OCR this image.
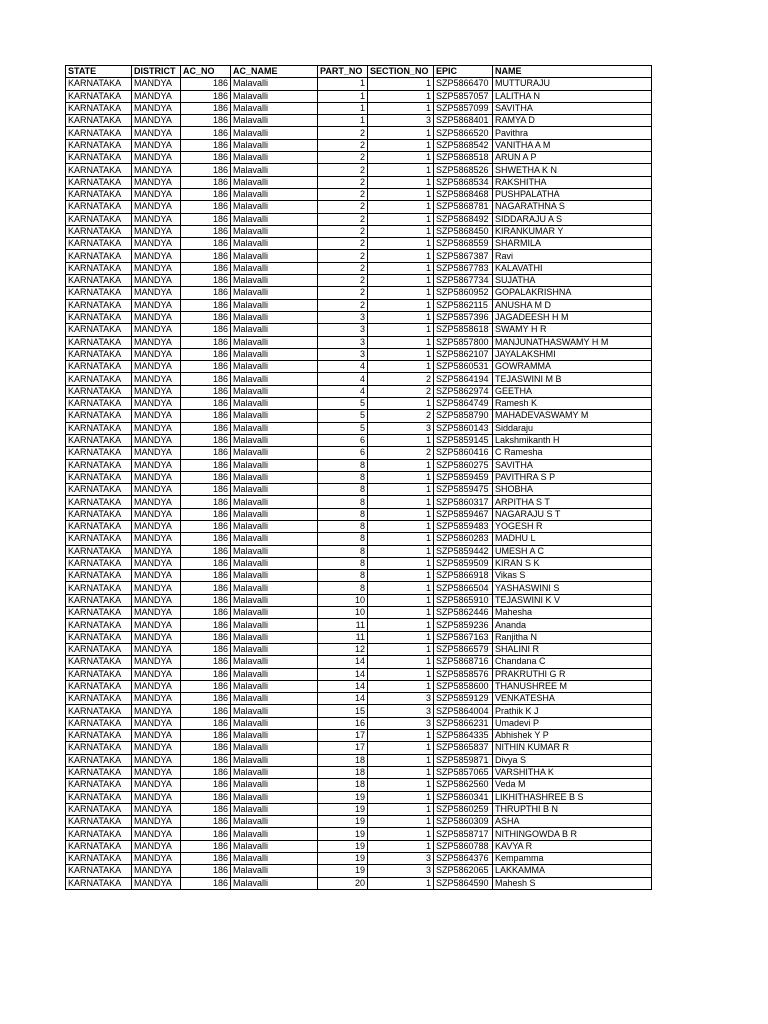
STATE	DISTRICT	AC_NO	AC_NAME	PART_NO	SECTION_NO	EPIC	NAME
KARNATAKA	MANDYA	186	Malavalli	1	1	SZP5866470	MUTTURAJU
KARNATAKA	MANDYA	186	Malavalli	1	1	SZP5857057	LALITHA N
KARNATAKA	MANDYA	186	Malavalli	1	1	SZP5857099	SAVITHA
KARNATAKA	MANDYA	186	Malavalli	1	3	SZP5868401	RAMYA D
KARNATAKA	MANDYA	186	Malavalli	2	1	SZP5866520	Pavithra
KARNATAKA	MANDYA	186	Malavalli	2	1	SZP5868542	VANITHA A M
KARNATAKA	MANDYA	186	Malavalli	2	1	SZP5868518	ARUN A P
KARNATAKA	MANDYA	186	Malavalli	2	1	SZP5868526	SHWETHA K N
KARNATAKA	MANDYA	186	Malavalli	2	1	SZP5868534	RAKSHITHA
KARNATAKA	MANDYA	186	Malavalli	2	1	SZP5868468	PUSHPALATHA
KARNATAKA	MANDYA	186	Malavalli	2	1	SZP5868781	NAGARATHNA S
KARNATAKA	MANDYA	186	Malavalli	2	1	SZP5868492	SIDDARAJU A S
KARNATAKA	MANDYA	186	Malavalli	2	1	SZP5868450	KIRANKUMAR Y
KARNATAKA	MANDYA	186	Malavalli	2	1	SZP5868559	SHARMILA
KARNATAKA	MANDYA	186	Malavalli	2	1	SZP5867387	Ravi
KARNATAKA	MANDYA	186	Malavalli	2	1	SZP5867783	KALAVATHI
KARNATAKA	MANDYA	186	Malavalli	2	1	SZP5867734	SUJATHA
KARNATAKA	MANDYA	186	Malavalli	2	1	SZP5860952	GOPALAKRISHNA
KARNATAKA	MANDYA	186	Malavalli	2	1	SZP5862115	ANUSHA M D
KARNATAKA	MANDYA	186	Malavalli	3	1	SZP5857396	JAGADEESH H M
KARNATAKA	MANDYA	186	Malavalli	3	1	SZP5858618	SWAMY H R
KARNATAKA	MANDYA	186	Malavalli	3	1	SZP5857800	MANJUNATHASWAMY H M
KARNATAKA	MANDYA	186	Malavalli	3	1	SZP5862107	JAYALAKSHMI
KARNATAKA	MANDYA	186	Malavalli	4	1	SZP5860531	GOWRAMMA
KARNATAKA	MANDYA	186	Malavalli	4	2	SZP5864194	TEJASWINI M B
KARNATAKA	MANDYA	186	Malavalli	4	2	SZP5862974	GEETHA
KARNATAKA	MANDYA	186	Malavalli	5	1	SZP5864749	Ramesh K
KARNATAKA	MANDYA	186	Malavalli	5	2	SZP5858790	MAHADEVASWAMY M
KARNATAKA	MANDYA	186	Malavalli	5	3	SZP5860143	Siddaraju
KARNATAKA	MANDYA	186	Malavalli	6	1	SZP5859145	Lakshmikanth H
KARNATAKA	MANDYA	186	Malavalli	6	2	SZP5860416	C Ramesha
KARNATAKA	MANDYA	186	Malavalli	8	1	SZP5860275	SAVITHA
KARNATAKA	MANDYA	186	Malavalli	8	1	SZP5859459	PAVITHRA S P
KARNATAKA	MANDYA	186	Malavalli	8	1	SZP5859475	SHOBHA
KARNATAKA	MANDYA	186	Malavalli	8	1	SZP5860317	ARPITHA S T
KARNATAKA	MANDYA	186	Malavalli	8	1	SZP5859467	NAGARAJU S T
KARNATAKA	MANDYA	186	Malavalli	8	1	SZP5859483	YOGESH R
KARNATAKA	MANDYA	186	Malavalli	8	1	SZP5860283	MADHU L
KARNATAKA	MANDYA	186	Malavalli	8	1	SZP5859442	UMESH A C
KARNATAKA	MANDYA	186	Malavalli	8	1	SZP5859509	KIRAN S K
KARNATAKA	MANDYA	186	Malavalli	8	1	SZP5866918	Vikas S
KARNATAKA	MANDYA	186	Malavalli	8	1	SZP5866504	YASHASWINI S
KARNATAKA	MANDYA	186	Malavalli	10	1	SZP5865910	TEJASWINI K V
KARNATAKA	MANDYA	186	Malavalli	10	1	SZP5862446	Mahesha
KARNATAKA	MANDYA	186	Malavalli	11	1	SZP5859236	Ananda
KARNATAKA	MANDYA	186	Malavalli	11	1	SZP5867163	Ranjitha N
KARNATAKA	MANDYA	186	Malavalli	12	1	SZP5866579	SHALINI R
KARNATAKA	MANDYA	186	Malavalli	14	1	SZP5868716	Chandana C
KARNATAKA	MANDYA	186	Malavalli	14	1	SZP5858576	PRAKRUTHI G R
KARNATAKA	MANDYA	186	Malavalli	14	1	SZP5858600	THANUSHREE M
KARNATAKA	MANDYA	186	Malavalli	14	3	SZP5859129	VENKATESHA
KARNATAKA	MANDYA	186	Malavalli	15	3	SZP5864004	Prathik K J
KARNATAKA	MANDYA	186	Malavalli	16	3	SZP5866231	Umadevi P
KARNATAKA	MANDYA	186	Malavalli	17	1	SZP5864335	Abhishek Y P
KARNATAKA	MANDYA	186	Malavalli	17	1	SZP5865837	NITHIN KUMAR R
KARNATAKA	MANDYA	186	Malavalli	18	1	SZP5859871	Divya S
KARNATAKA	MANDYA	186	Malavalli	18	1	SZP5857065	VARSHITHA K
KARNATAKA	MANDYA	186	Malavalli	18	1	SZP5862560	Veda M
KARNATAKA	MANDYA	186	Malavalli	19	1	SZP5860341	LIKHITHASHREE B S
KARNATAKA	MANDYA	186	Malavalli	19	1	SZP5860259	THRUPTHI B N
KARNATAKA	MANDYA	186	Malavalli	19	1	SZP5860309	ASHA
KARNATAKA	MANDYA	186	Malavalli	19	1	SZP5858717	NITHINGOWDA B R
KARNATAKA	MANDYA	186	Malavalli	19	1	SZP5860788	KAVYA R
KARNATAKA	MANDYA	186	Malavalli	19	3	SZP5864376	Kempamma
KARNATAKA	MANDYA	186	Malavalli	19	3	SZP5862065	LAKKAMMA
KARNATAKA	MANDYA	186	Malavalli	20	1	SZP5864590	Mahesh S
